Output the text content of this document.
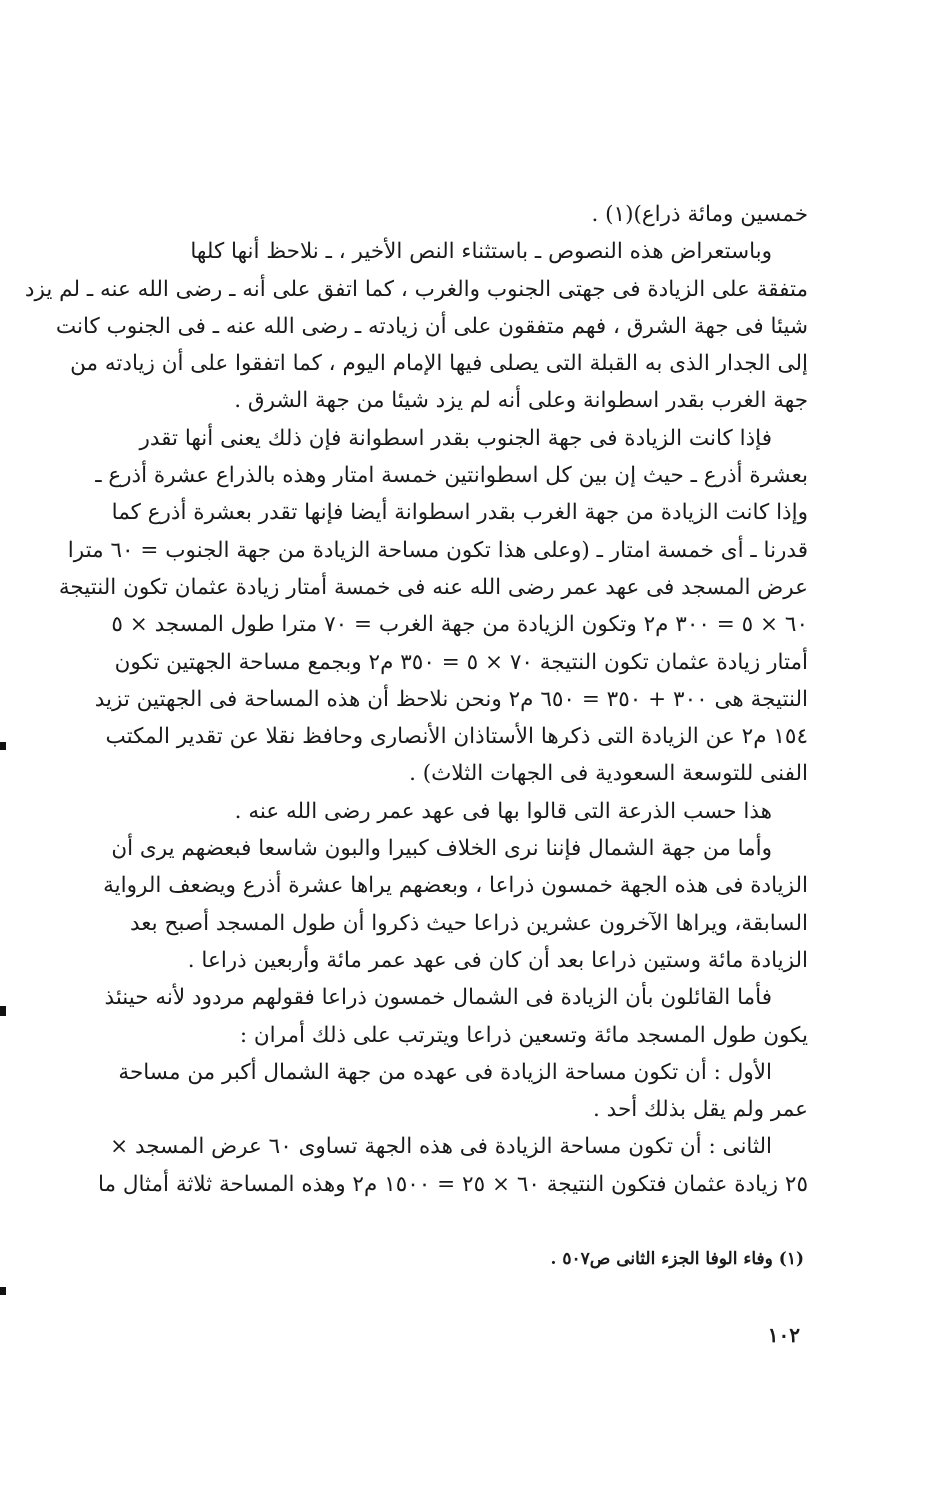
خمسين ومائة ذراع)(١) .
وباستعراض هذه النصوص ـ باستثناء النص الأخير ، ـ نلاحظ أنها كلها
متفقة على الزيادة فى جهتى الجنوب والغرب ، كما اتفق على أنه ـ رضى الله عنه ـ لم يزد
شيئا فى جهة الشرق ، فهم متفقون على أن زيادته ـ رضى الله عنه ـ فى الجنوب كانت
إلى الجدار الذى به القبلة التى يصلى فيها الإمام اليوم ، كما اتفقوا على أن زيادته من
جهة الغرب بقدر اسطوانة وعلى أنه لم يزد شيئا من جهة الشرق .
فإذا كانت الزيادة فى جهة الجنوب بقدر اسطوانة فإن ذلك يعنى أنها تقدر
بعشرة أذرع ـ حيث إن بين كل اسطوانتين خمسة امتار وهذه بالذراع عشرة أذرع ـ
وإذا كانت الزيادة من جهة الغرب بقدر اسطوانة أيضا فإنها تقدر بعشرة أذرع كما
قدرنا ـ أى خمسة امتار ـ (وعلى هذا تكون مساحة الزيادة من جهة الجنوب = ٦٠ مترا
عرض المسجد فى عهد عمر رضى الله عنه فى خمسة أمتار زيادة عثمان تكون النتيجة
٦٠ × ٥ = ٣٠٠ م٢ وتكون الزيادة من جهة الغرب = ٧٠ مترا طول المسجد × ٥
أمتار زيادة عثمان تكون النتيجة ٧٠ × ٥ = ٣٥٠ م٢ وبجمع مساحة الجهتين تكون
النتيجة هى ٣٠٠ + ٣٥٠ = ٦٥٠ م٢ ونحن نلاحظ أن هذه المساحة فى الجهتين تزيد
١٥٤ م٢ عن الزيادة التى ذكرها الأستاذان الأنصارى وحافظ نقلا عن تقدير المكتب
الفنى للتوسعة السعودية فى الجهات الثلاث) .
هذا حسب الذرعة التى قالوا بها فى عهد عمر رضى الله عنه .
وأما من جهة الشمال فإننا نرى الخلاف كبيرا والبون شاسعا فبعضهم يرى أن
الزيادة فى هذه الجهة خمسون ذراعا ، وبعضهم يراها عشرة أذرع ويضعف الرواية
السابقة، ويراها الآخرون عشرين ذراعا حيث ذكروا أن طول المسجد أصبح بعد
الزيادة مائة وستين ذراعا بعد أن كان فى عهد عمر مائة وأربعين ذراعا .
فأما القائلون بأن الزيادة فى الشمال خمسون ذراعا فقولهم مردود لأنه حينئذ
يكون طول المسجد مائة وتسعين ذراعا ويترتب على ذلك أمران :
الأول : أن تكون مساحة الزيادة فى عهده من جهة الشمال أكبر من مساحة
عمر ولم يقل بذلك أحد .
الثانى : أن تكون مساحة الزيادة فى هذه الجهة تساوى ٦٠ عرض المسجد ×
٢٥ زيادة عثمان فتكون النتيجة ٦٠ × ٢٥ = ١٥٠٠ م٢ وهذه المساحة ثلاثة أمثال ما
(١) وفاء الوفا الجزء الثانى ص٥٠٧ .
١٠٢
